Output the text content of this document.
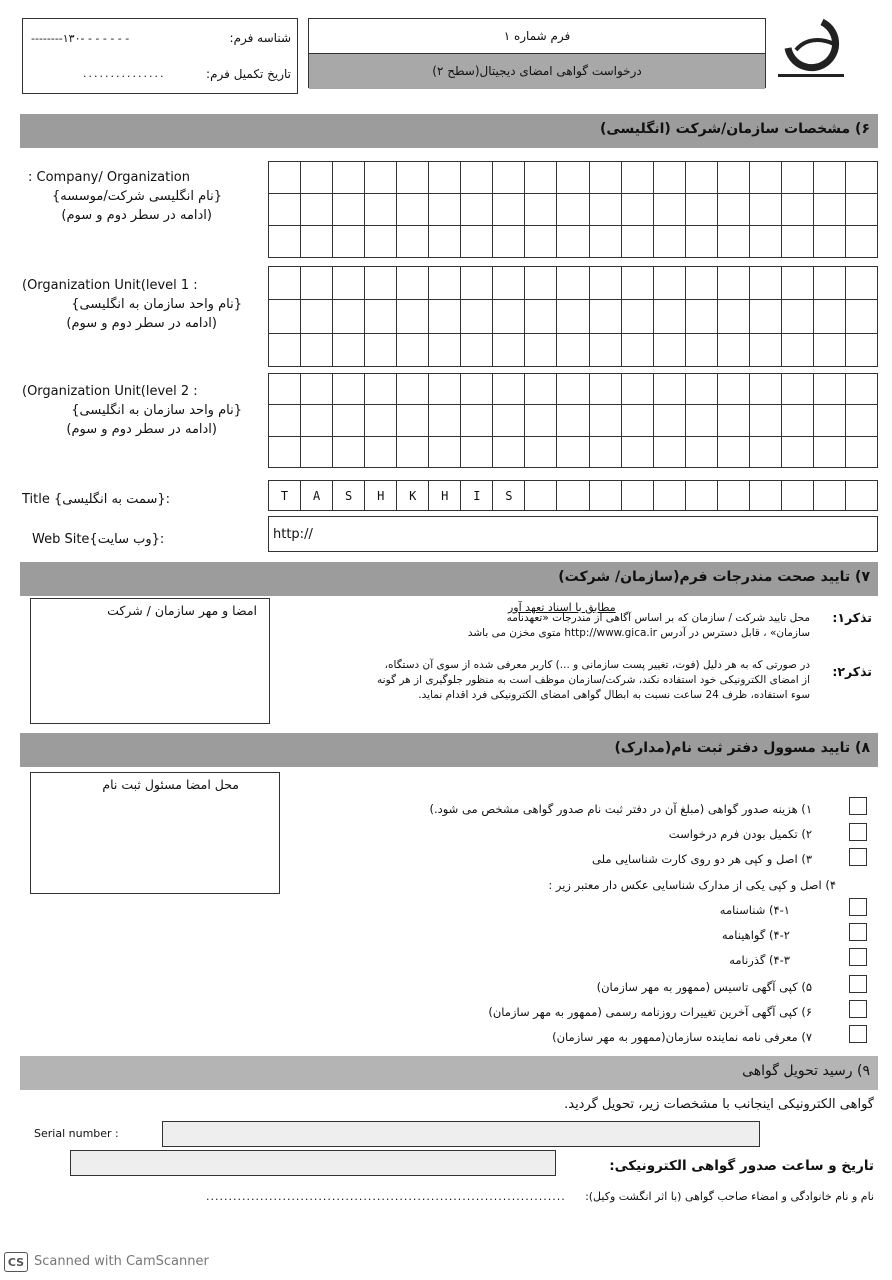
فرم شماره ۱
درخواست گواهی امضای دیجیتال(سطح ۲)
شناسه فرم:
--------۱۳۰- - - - - - -
تاریخ تکمیل فرم:
...............
۶) مشخصات سازمان/شرکت (انگلیسی)
Company/ Organization :
{نام انگلیسی شرکت/موسسه}
(ادامه در سطر دوم و سوم)
(Organization Unit(level 1 :
{نام واحد سازمان به انگلیسی}
(ادامه در سطر دوم و سوم)
(Organization Unit(level 2 :
{نام واحد سازمان به انگلیسی}
(ادامه در سطر دوم و سوم)
Title {سمت به انگلیسی}:	T	A	S	H	K	H	I	S
Web Site{وب سایت}:	http://
۷) تایید صحت مندرجات فرم(سازمان/ شرکت)
امضا و مهر سازمان / شرکت	تذکر۱:
مطابق با اسناد تعهد آور
محل تایید شرکت / سازمان که بر اساس آگاهی از مندرجات «تعهدنامه
سازمان» ، قابل دسترس در آدرس http://www.gica.ir متوی مخزن می باشد
تذکر۲:
در صورتی که به هر دلیل (فوت، تغییر پست سازمانی و ...) کاربر معرفی شده از سوی آن دستگاه،
از امضای الکترونیکی خود استفاده نکند، شرکت/سازمان موظف است به منظور جلوگیری از هر گونه
سوء استفاده، ظرف 24 ساعت نسبت به ابطال گواهی امضای الکترونیکی فرد اقدام نماید.
۸) تایید مسوول دفتر ثبت نام(مدارک)
محل امضا مسئول ثبت نام
۱) هزینه صدور گواهی (مبلغ آن در دفتر ثبت نام صدور گواهی مشخص می شود.)
۲) تکمیل بودن فرم درخواست
۳) اصل و کپی هر دو روی کارت شناسایی ملی
۴) اصل و کپی یکی از مدارک شناسایی عکس دار معتبر زیر :
۴-۱) شناسنامه
۴-۲) گواهینامه
۴-۳) گذرنامه
۵) کپی آگهی تاسیس (ممهور به مهر سازمان)
۶) کپی آگهی آخرین تغییرات روزنامه رسمی (ممهور به مهر سازمان)
۷) معرفی نامه نماینده سازمان(ممهور به مهر سازمان)
۹) رسید تحویل گواهی
گواهی الکترونیکی اینجانب با مشخصات زیر، تحویل گردید.
Serial number :
تاریخ و ساعت صدور گواهی الکترونیکی:
نام و نام خانوادگی و امضاء صاحب گواهی (با اثر انگشت وکیل):
................................................................................
CS Scanned with CamScanner
